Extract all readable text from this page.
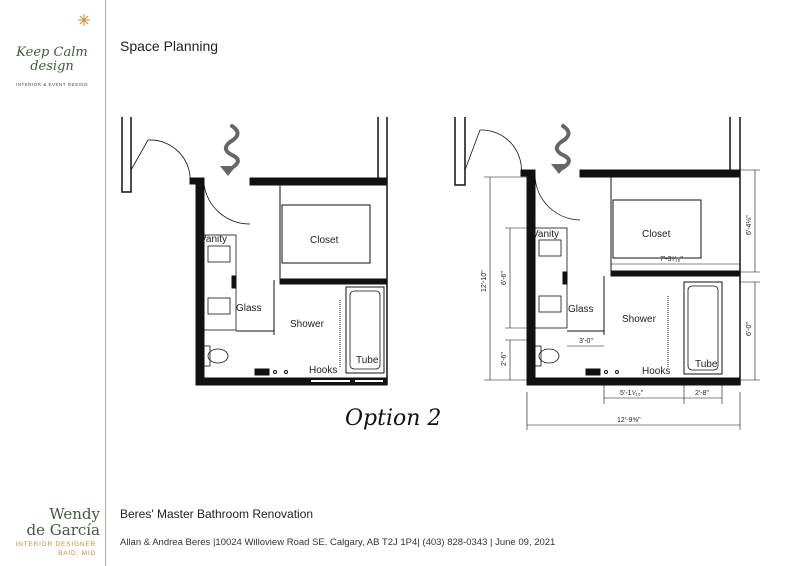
Keep Calm
design
INTERIOR & EVENT DESIGN
Wendy
de García
INTERIOR DESIGNER
BAID, MID
Space Planning
Closet
Vanity
Glass
Shower
Hooks
Tube
Closet
Vanity
Glass
Shower
Hooks
Tube
12'-10" 6'-6"
2'-6"
6'-4⅛"
6'-0"
7'-3⁷⁄₁₆"
3'-0"
5'-1⁵⁄₁₆"	2'-8"
12'-9⅝"
Option 2
Beres' Master Bathroom Renovation
Allan & Andrea Beres |10024 Willoview Road SE. Calgary, AB T2J 1P4| (403) 828-0343 | June 09, 2021
